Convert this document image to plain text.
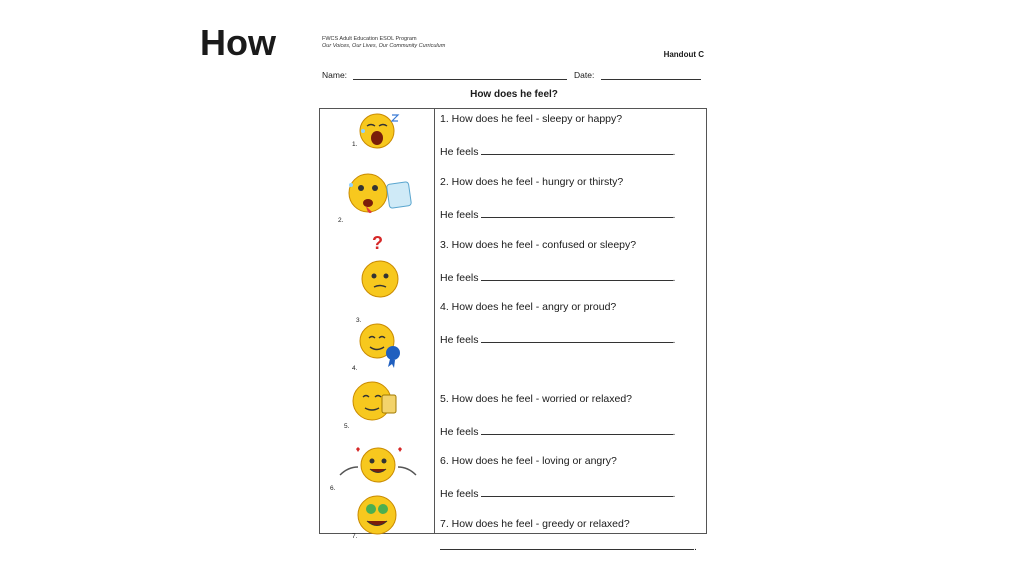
How	FWCS Adult Education ESOL Program
Our Voices, Our Lives, Our Community Curriculum
Handout C
Name:	Date:
How does he feel?
1.
1. How does he feel - sleepy or happy?
He feels	.
2.
2. How does he feel - hungry or thirsty?
He feels	.
?
3.
3. How does he feel - confused or sleepy?
He feels	.
4.
4. How does he feel - angry or proud?
He feels	.
5.
5. How does he feel - worried or relaxed?
He feels	.
6.
6. How does he feel - loving or angry?
He feels	.
7.
7. How does he feel - greedy or relaxed?
.
